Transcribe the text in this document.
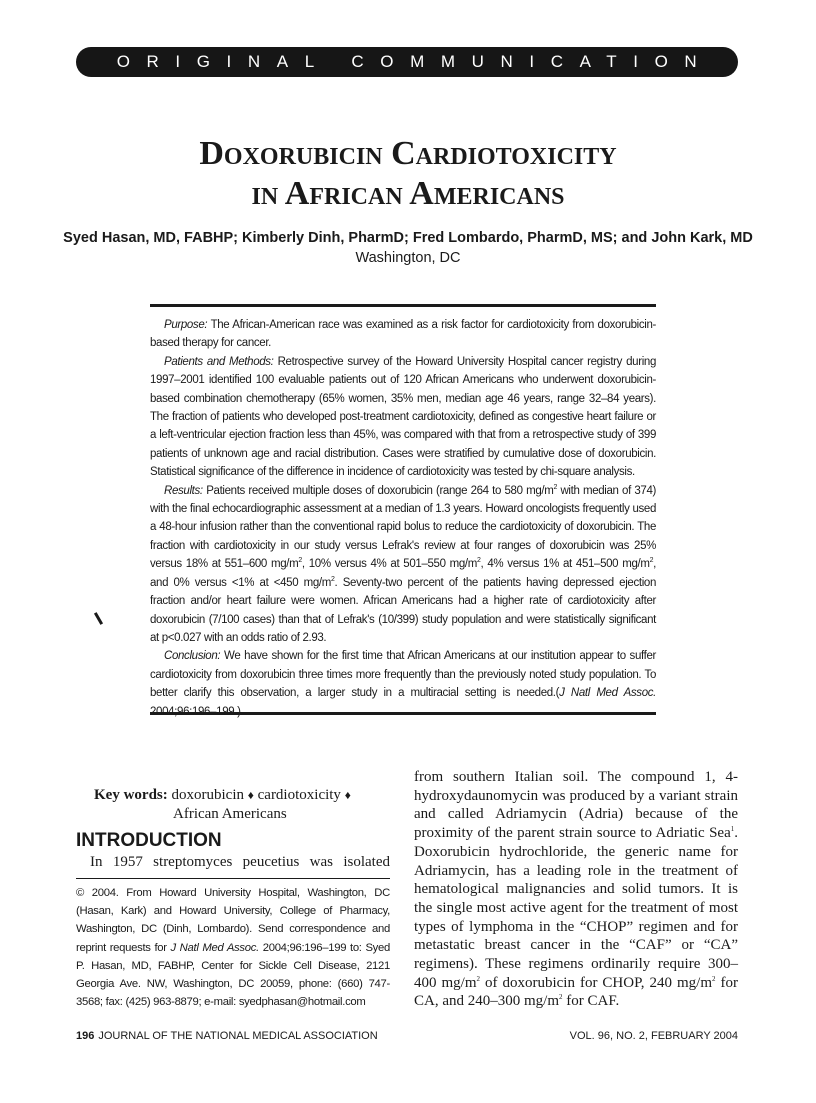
ORIGINAL COMMUNICATION
Doxorubicin Cardiotoxicity
in African Americans
Syed Hasan, MD, FABHP; Kimberly Dinh, PharmD; Fred Lombardo, PharmD, MS; and John Kark, MD
Washington, DC

Purpose: The African-American race was examined as a risk factor for cardiotoxicity from doxorubicin-based therapy for cancer.

Patients and Methods: Retrospective survey of the Howard University Hospital cancer registry during 1997–2001 identified 100 evaluable patients out of 120 African Americans who underwent doxorubicin-based combination chemotherapy (65% women, 35% men, median age 46 years, range 32–84 years). The fraction of patients who developed post-treatment cardiotoxicity, defined as congestive heart failure or a left-ventricular ejection fraction less than 45%, was compared with that from a retrospective study of 399 patients of unknown age and racial distribution. Cases were stratified by cumulative dose of doxorubicin. Statistical significance of the difference in incidence of cardiotoxicity was tested by chi-square analysis.

Results: Patients received multiple doses of doxorubicin (range 264 to 580 $mg/m^2$ with median of 374) with the final echocardiographic assessment at a median of 1.3 years. Howard oncologists frequently used a 48-hour infusion rather than the conventional rapid bolus to reduce the cardiotoxicity of doxorubicin. The fraction with cardiotoxicity in our study versus Lefrak's review at four ranges of doxorubicin was 25% versus 18% at 551–600 $mg/m^2$, 10% versus 4% at 501–550 $mg/m^2$, 4% versus 1% at 451–500 $mg/m^2$, and 0% versus <1% at <450 $mg/m^2$. Seventy-two percent of the patients having depressed ejection fraction and/or heart failure were women. African Americans had a higher rate of cardiotoxicity after doxorubicin (7/100 cases) than that of Lefrak's (10/399) study population and were statistically significant at p<0.027 with an odds ratio of 2.93.

Conclusion: We have shown for the first time that African Americans at our institution appear to suffer cardiotoxicity from doxorubicin three times more frequently than the previously noted study population. To better clarify this observation, a larger study in a multiracial setting is needed.(J Natl Med Assoc.

Key words: doxorubicin ♦ cardiotoxicity ♦
African Americans
INTRODUCTION
In 1957 streptomyces peucetius was isolated
© 2004. From Howard University Hospital, Washington, DC (Hasan, Kark) and Howard University, College of Pharmacy, Washington, DC (Dinh, Lombardo). Send correspondence and reprint requests for J Natl Med Assoc. 2004;96:196–199 to: Syed P. Hasan, MD, FABHP, Center for Sickle Cell Disease, 2121 Georgia Ave. NW, Washington, DC 20059, phone: (660) 747-3568; fax: (425) 963-8879; e-mail: syedphasan@hotmail.com
from southern Italian soil. The compound 1, 4-hydroxydaunomycin was produced by a variant strain and called Adriamycin (Adria) because of the proximity of the parent strain source to Adriatic Sea$^1$. Doxorubicin hydrochloride, the generic name for Adriamycin, has a leading role in the treatment of hematological malignancies and solid tumors. It is the single most active agent for the treatment of most types of lymphoma in the “CHOP” regimen and for metastatic breast cancer in the “CAF” or “CA” regimens). These regimens ordinarily require 300–400 $mg/m^2$ of doxorubicin for CHOP, 240 $mg/m^2$ for CA, and 240–300 $mg/m^2$ for CAF.
196 JOURNAL OF THE NATIONAL MEDICAL ASSOCIATION	VOL. 96, NO. 2, FEBRUARY 2004
